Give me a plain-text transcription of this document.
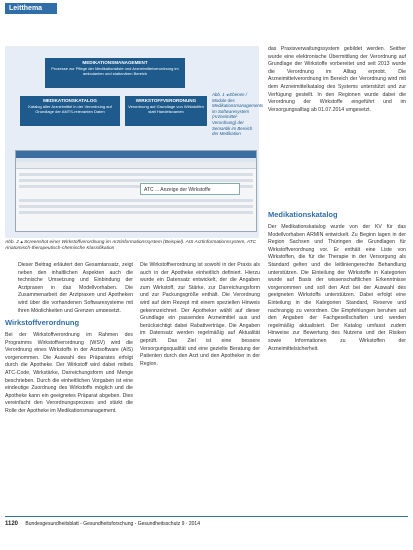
Leitthema
MEDIKATIONSMANAGEMENT
Prozesse zur Pflege der Medikationsliste und Arzneimittelverordnung im ambulanten und stationären Bereich
MEDIKATIONSKATALOG
Katalog aller Arzneimittel in der Verordnung auf Grundlage der AMTS-relevanten Daten
WIRKSTOFFVERORDNUNG
Verordnung auf Grundlage von Wirkstoffen statt Handelsnamen
Abb. 1 ◂ Ebenen / Module des Medikationsmanagements im Softwaresystem (Arzneimittel-Verordnung) der Semantik im Bereich der Medikation
ATC ... Anzeige der Wirkstoffe
Abb. 2 ▴ Screenshot einer Wirkstoffverordnung im Arztinformationssystem (Beispiel). AIS Arztinformationssystem, ATC Anatomisch-therapeutisch-chemische Klassifikation

das Praxisverwaltungssystem gebildet werden. Seither wurde eine elektronische Übermittlung der Verordnung auf Grundlage der Wirkstoffe vorbereitet und seit 2013 wurde die Verordnung im Alltag erprobt. Die Arzneimittelverordnung im Bereich der Verordnung wird mit dem Arzneimittelkatalog des Systems unterstützt und zur Verfügung gestellt. In den Regionen wurde dabei die Verordnung der Wirkstoffe eingeführt und im Versorgungsalltag ab 01.07.2014 umgesetzt.

Medikationskatalog

Der Medikationskatalog wurde von der KV für das Modellvorhaben ARMIN entwickelt. Zu Beginn lagen in der Region Sachsen und Thüringen die Grundlagen für Wirkstoffverordnung vor. Er enthält eine Liste von Wirkstoffen, die für die Therapie in der Versorgung als Standard gelten und die leitliniengerechte Behandlung unterstützen. Die Einteilung der Wirkstoffe in Kategorien wurde auf Basis der wissenschaftlichen Erkenntnisse vorgenommen und soll den Arzt bei der Auswahl des geeigneten Wirkstoffs unterstützen. Dabei erfolgt eine Einteilung in die Kategorien Standard, Reserve und nachrangig zu verordnen. Die Empfehlungen beruhen auf den Angaben der Fachgesellschaften und werden regelmäßig aktualisiert. Der Katalog umfasst zudem Hinweise zur Bewertung des Nutzens und der Risiken sowie Informationen zu Wirkstoffen der Arzneimittelsicherheit.

Dieser Beitrag erläutert den Gesamtansatz, zeigt neben den inhaltlichen Aspekten auch die technische Umsetzung und Einbindung der Arztpraxen in das Modellvorhaben. Die Zusammenarbeit der Arztpraxen und Apotheken wird über die vorhandenen Softwaresysteme mit ihren Möglichkeiten und Grenzen umgesetzt.

Wirkstoffverordnung

Bei der Wirkstoffverordnung im Rahmen des Programms Wirkstoffverordnung (WSV) wird die Verordnung eines Wirkstoffs in der Arztsoftware (AIS) vorgenommen. Die Auswahl des Präparates erfolgt durch die Apotheke. Der Wirkstoff wird dabei mittels ATC-Code, Wirkstärke, Darreichungsform und Menge beschrieben. Durch die einheitlichen Vorgaben ist eine eindeutige Zuordnung des Wirkstoffs möglich und die Apotheke kann ein geeignetes Präparat abgeben. Dies vereinfacht den Verordnungsprozess und stärkt die Rolle der Apotheke im Medikationsmanagement.

Die Wirkstoffverordnung ist sowohl in der Praxis als auch in der Apotheke einheitlich definiert. Hierzu wurde ein Datensatz entwickelt, der die Angaben zum Wirkstoff, zur Stärke, zur Darreichungsform und zur Packungsgröße enthält. Die Verordnung wird auf dem Rezept mit einem speziellen Hinweis gekennzeichnet. Der Apotheker wählt auf dieser Grundlage ein passendes Arzneimittel aus und berücksichtigt dabei Rabattverträge. Die Angaben im Datensatz werden regelmäßig auf Aktualität geprüft. Das Ziel ist eine bessere Versorgungsqualität und eine gezielte Beratung der Patienten durch den Arzt und den Apotheker in der Region.

1120 Bundesgesundheitsblatt - Gesundheitsforschung - Gesundheitsschutz 9 · 2014
